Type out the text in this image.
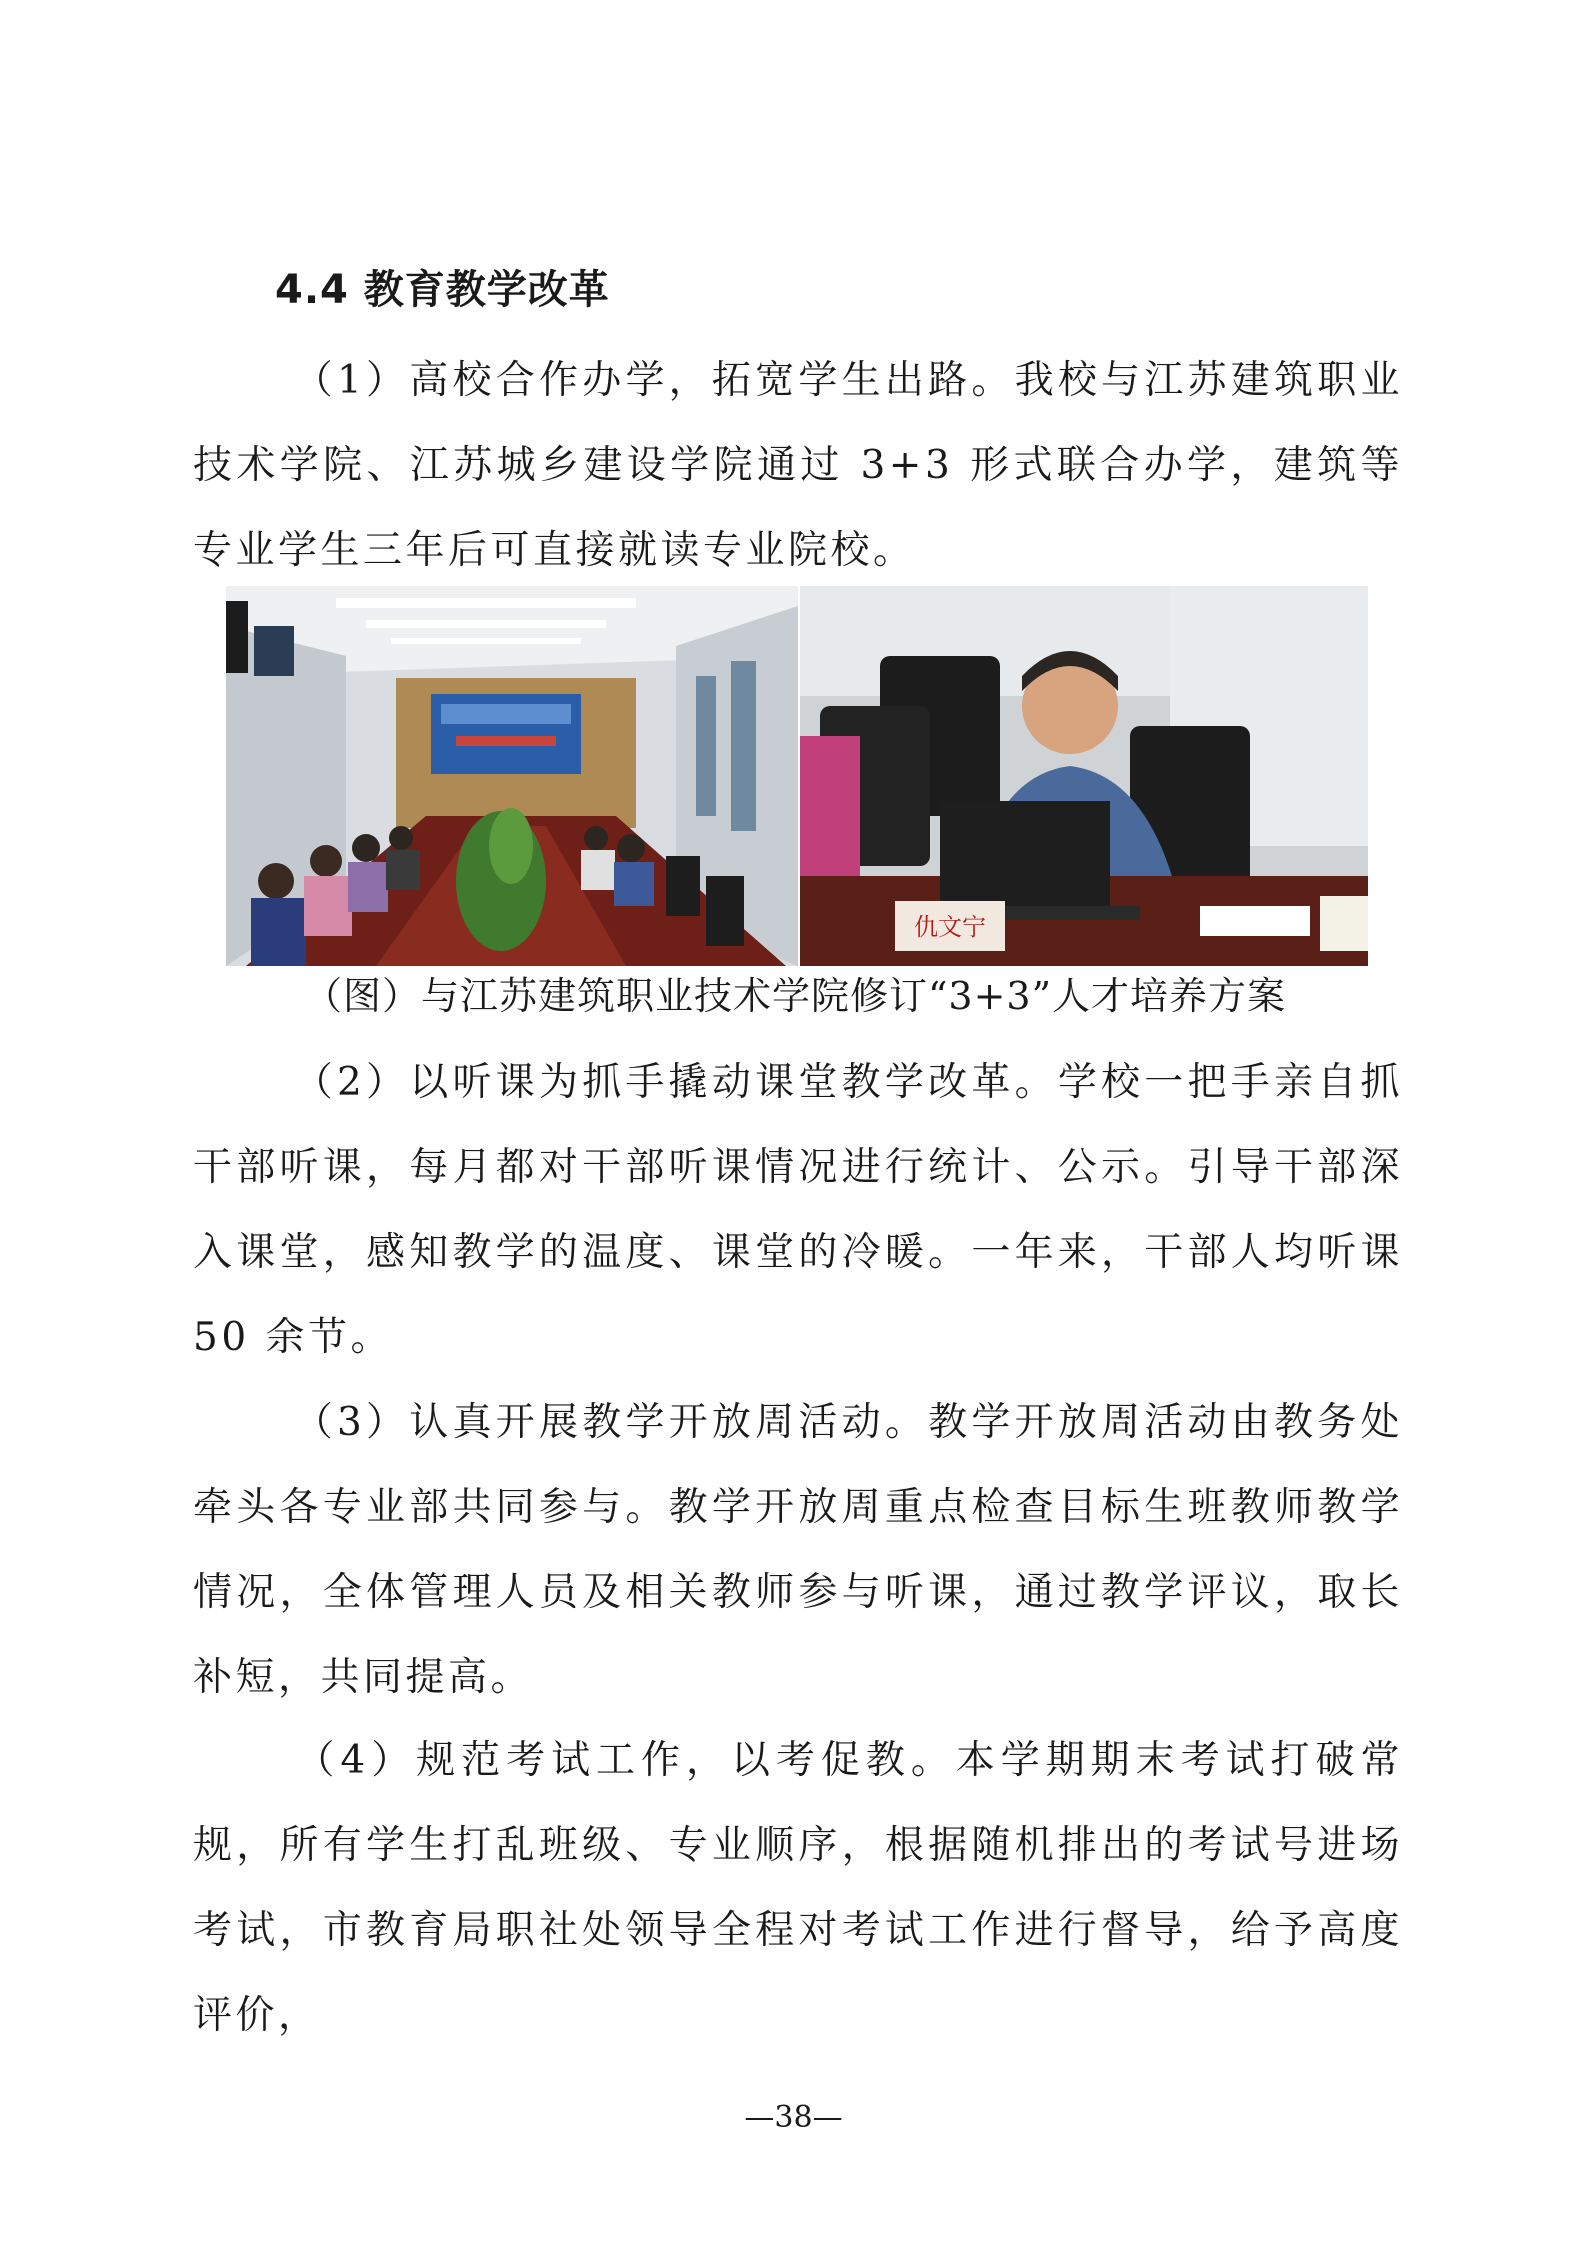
4.4 教育教学改革

（1）高校合作办学，拓宽学生出路。我校与江苏建筑职业技术学院、江苏城乡建设学院通过 3+3 形式联合办学，建筑等专业学生三年后可直接就读专业院校。

仇文宁
（图）与江苏建筑职业技术学院修订“3+3”人才培养方案

（2）以听课为抓手撬动课堂教学改革。学校一把手亲自抓干部听课，每月都对干部听课情况进行统计、公示。引导干部深入课堂，感知教学的温度、课堂的冷暖。一年来，干部人均听课 50 余节。

（3）认真开展教学开放周活动。教学开放周活动由教务处牵头各专业部共同参与。教学开放周重点检查目标生班教师教学情况，全体管理人员及相关教师参与听课，通过教学评议，取长补短，共同提高。

（4）规范考试工作，以考促教。本学期期末考试打破常规，所有学生打乱班级、专业顺序，根据随机排出的考试号进场考试，市教育局职社处领导全程对考试工作进行督导，给予高度评价，

—38—
